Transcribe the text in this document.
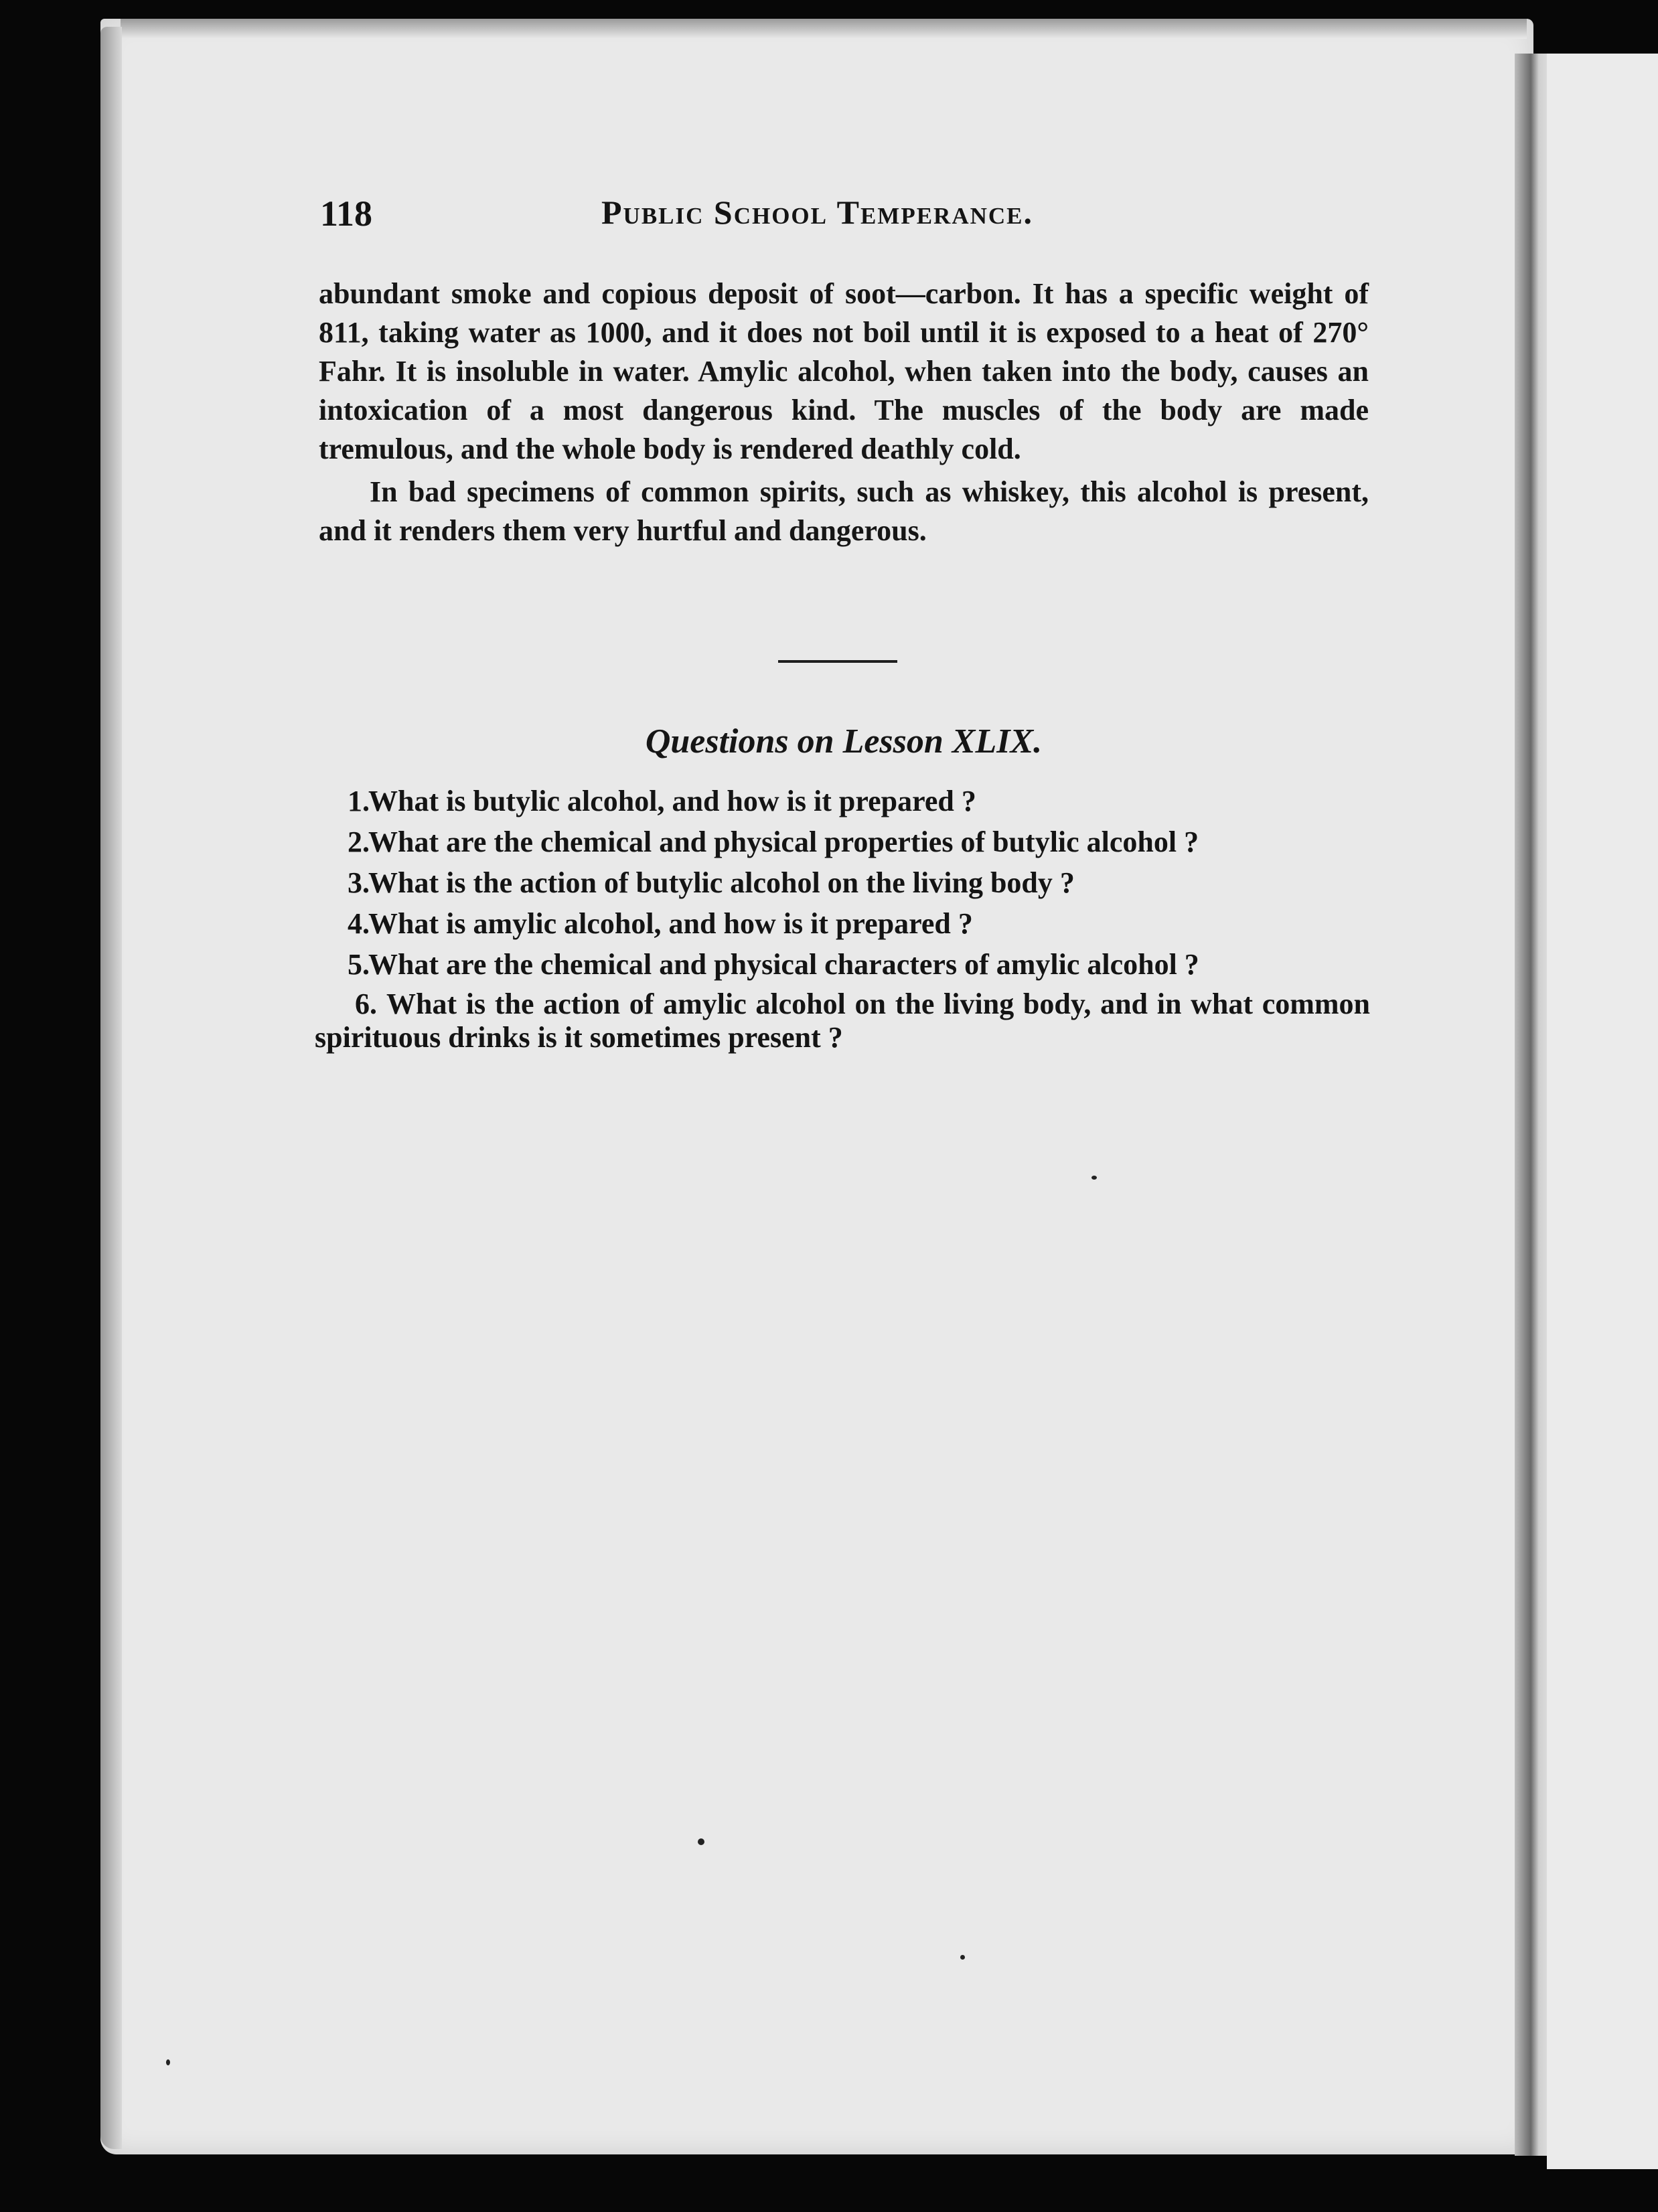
118	Public School Temperance.

abundant smoke and copious deposit of soot—carbon. It has a specific weight of 811, taking water as 1000, and it does not boil until it is exposed to a heat of 270° Fahr. It is insoluble in water. Amylic alcohol, when taken into the body, causes an intoxication of a most dangerous kind. The muscles of the body are made tremulous, and the whole body is rendered deathly cold.

In bad specimens of common spirits, such as whiskey, this alcohol is present, and it renders them very hurtful and dangerous.

Questions on Lesson XLIX.
1.What is butylic alcohol, and how is it prepared ?
2.What are the chemical and physical properties of butylic alcohol ?
3.What is the action of butylic alcohol on the living body ?
4.What is amylic alcohol, and how is it prepared ?
5.What are the chemical and physical characters of amylic alcohol ?
6. What is the action of amylic alcohol on the living body, and in what common spirituous drinks is it sometimes present ?
